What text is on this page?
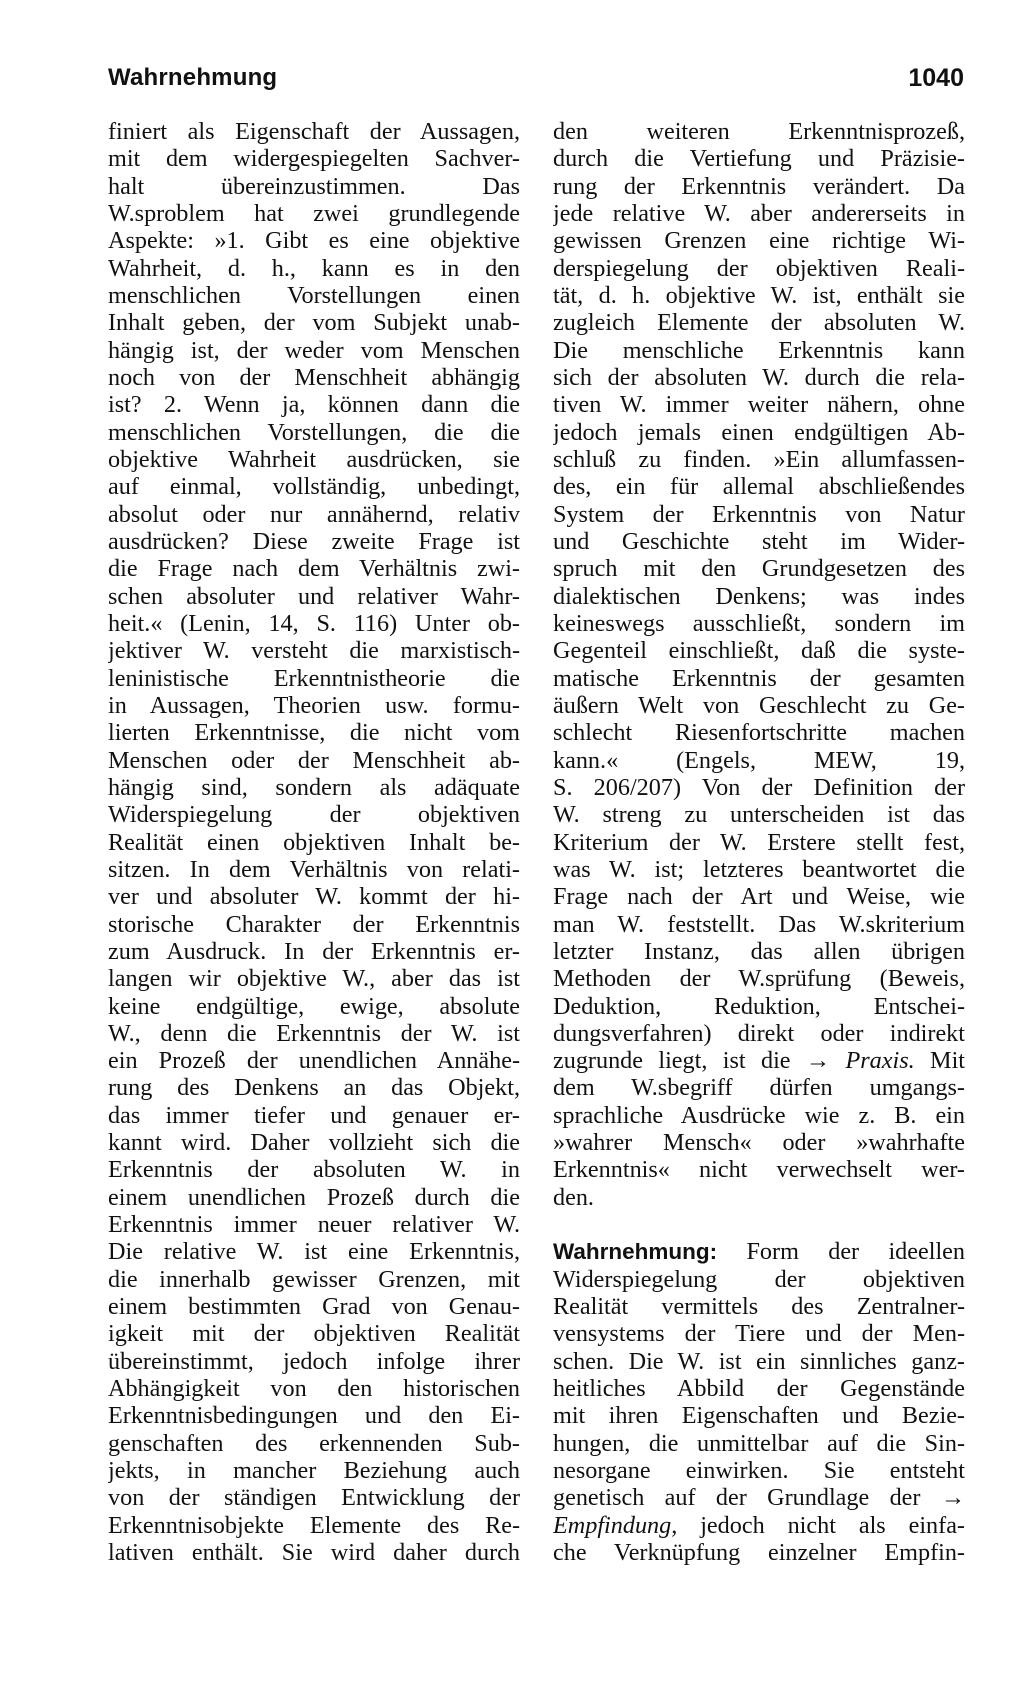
Wahrnehmung	1040
finiert als Eigenschaft der Aussagen,
mit dem widergespiegelten Sachver-
halt übereinzustimmen. Das
W.sproblem hat zwei grundlegende
Aspekte: »1. Gibt es eine objektive
Wahrheit, d. h., kann es in den
menschlichen Vorstellungen einen
Inhalt geben, der vom Subjekt unab-
hängig ist, der weder vom Menschen
noch von der Menschheit abhängig
ist? 2. Wenn ja, können dann die
menschlichen Vorstellungen, die die
objektive Wahrheit ausdrücken, sie
auf einmal, vollständig, unbedingt,
absolut oder nur annähernd, relativ
ausdrücken? Diese zweite Frage ist
die Frage nach dem Verhältnis zwi-
schen absoluter und relativer Wahr-
heit.« (Lenin, 14, S. 116) Unter ob-
jektiver W. versteht die marxistisch-
leninistische Erkenntnistheorie die
in Aussagen, Theorien usw. formu-
lierten Erkenntnisse, die nicht vom
Menschen oder der Menschheit ab-
hängig sind, sondern als adäquate
Widerspiegelung der objektiven
Realität einen objektiven Inhalt be-
sitzen. In dem Verhältnis von relati-
ver und absoluter W. kommt der hi-
storische Charakter der Erkenntnis
zum Ausdruck. In der Erkenntnis er-
langen wir objektive W., aber das ist
keine endgültige, ewige, absolute
W., denn die Erkenntnis der W. ist
ein Prozeß der unendlichen Annähe-
rung des Denkens an das Objekt,
das immer tiefer und genauer er-
kannt wird. Daher vollzieht sich die
Erkenntnis der absoluten W. in
einem unendlichen Prozeß durch die
Erkenntnis immer neuer relativer W.
Die relative W. ist eine Erkenntnis,
die innerhalb gewisser Grenzen, mit
einem bestimmten Grad von Genau-
igkeit mit der objektiven Realität
übereinstimmt, jedoch infolge ihrer
Abhängigkeit von den historischen
Erkenntnisbedingungen und den Ei-
genschaften des erkennenden Sub-
jekts, in mancher Beziehung auch
von der ständigen Entwicklung der
Erkenntnisobjekte Elemente des Re-
lativen enthält. Sie wird daher durch
den weiteren Erkenntnisprozeß,
durch die Vertiefung und Präzisie-
rung der Erkenntnis verändert. Da
jede relative W. aber andererseits in
gewissen Grenzen eine richtige Wi-
derspiegelung der objektiven Reali-
tät, d. h. objektive W. ist, enthält sie
zugleich Elemente der absoluten W.
Die menschliche Erkenntnis kann
sich der absoluten W. durch die rela-
tiven W. immer weiter nähern, ohne
jedoch jemals einen endgültigen Ab-
schluß zu finden. »Ein allumfassen-
des, ein für allemal abschließendes
System der Erkenntnis von Natur
und Geschichte steht im Wider-
spruch mit den Grundgesetzen des
dialektischen Denkens; was indes
keineswegs ausschließt, sondern im
Gegenteil einschließt, daß die syste-
matische Erkenntnis der gesamten
äußern Welt von Geschlecht zu Ge-
schlecht Riesenfortschritte machen
kann.« (Engels, MEW, 19,
S. 206/207) Von der Definition der
W. streng zu unterscheiden ist das
Kriterium der W. Erstere stellt fest,
was W. ist; letzteres beantwortet die
Frage nach der Art und Weise, wie
man W. feststellt. Das W.skriterium
letzter Instanz, das allen übrigen
Methoden der W.sprüfung (Beweis,
Deduktion, Reduktion, Entschei-
dungsverfahren) direkt oder indirekt
zugrunde liegt, ist die → Praxis. Mit
dem W.sbegriff dürfen umgangs-
sprachliche Ausdrücke wie z. B. ein
»wahrer Mensch« oder »wahrhafte
Erkenntnis« nicht verwechselt wer-
den.
Wahrnehmung: Form der ideellen
Widerspiegelung der objektiven
Realität vermittels des Zentralner-
vensystems der Tiere und der Men-
schen. Die W. ist ein sinnliches ganz-
heitliches Abbild der Gegenstände
mit ihren Eigenschaften und Bezie-
hungen, die unmittelbar auf die Sin-
nesorgane einwirken. Sie entsteht
genetisch auf der Grundlage der →
Empfindung, jedoch nicht als einfa-
che Verknüpfung einzelner Empfin-
